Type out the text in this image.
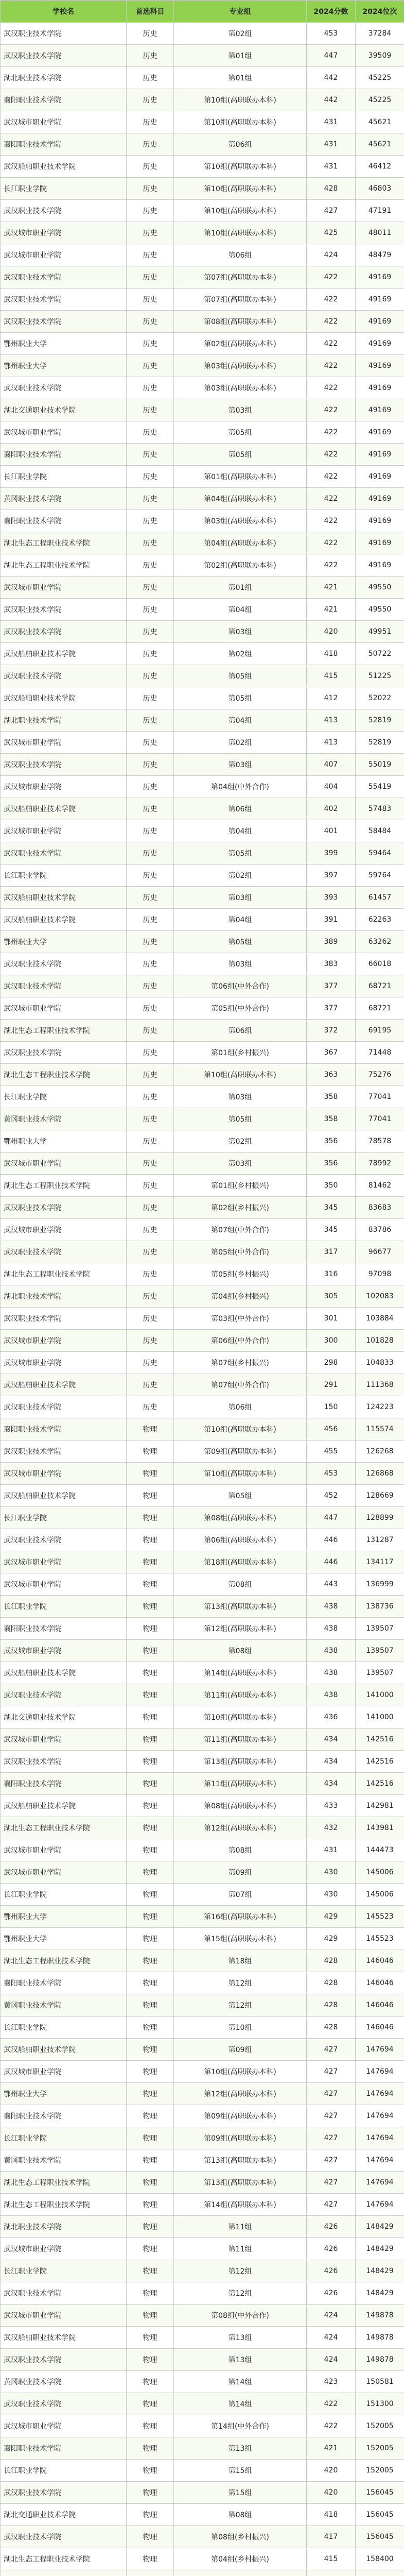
学校名	首选科目	专业组	2024分数	2024位次
武汉职业技术学院	历史	第02组	453	37284
武汉职业技术学院	历史	第01组	447	39509
湖北职业技术学院	历史	第01组	442	45225
襄阳职业技术学院	历史	第10组(高职联办本科)	442	45225
武汉城市职业学院	历史	第10组(高职联办本科)	431	45621
襄阳职业技术学院	历史	第06组	431	45621
武汉船舶职业技术学院	历史	第10组(高职联办本科)	431	46412
长江职业学院	历史	第10组(高职联办本科)	428	46803
武汉职业技术学院	历史	第10组(高职联办本科)	427	47191
武汉城市职业学院	历史	第10组(高职联办本科)	425	48011
武汉城市职业学院	历史	第06组	424	48479
武汉职业技术学院	历史	第07组(高职联办本科)	422	49169
武汉职业技术学院	历史	第07组(高职联办本科)	422	49169
武汉职业技术学院	历史	第08组(高职联办本科)	422	49169
鄂州职业大学	历史	第02组(高职联办本科)	422	49169
鄂州职业大学	历史	第03组(高职联办本科)	422	49169
武汉职业技术学院	历史	第03组(高职联办本科)	422	49169
湖北交通职业技术学院	历史	第03组	422	49169
武汉城市职业学院	历史	第05组	422	49169
襄阳职业技术学院	历史	第05组	422	49169
长江职业学院	历史	第01组(高职联办本科)	422	49169
黄冈职业技术学院	历史	第04组(高职联办本科)	422	49169
襄阳职业技术学院	历史	第03组(高职联办本科)	422	49169
湖北生态工程职业技术学院	历史	第04组(高职联办本科)	422	49169
湖北生态工程职业技术学院	历史	第02组(高职联办本科)	422	49169
武汉城市职业学院	历史	第01组	421	49550
武汉职业技术学院	历史	第04组	421	49550
武汉职业技术学院	历史	第03组	420	49951
武汉船舶职业技术学院	历史	第02组	418	50722
武汉职业技术学院	历史	第05组	415	51225
武汉船舶职业技术学院	历史	第05组	412	52022
湖北职业技术学院	历史	第04组	413	52819
武汉城市职业学院	历史	第02组	413	52819
武汉职业技术学院	历史	第03组	407	55019
武汉城市职业学院	历史	第04组(中外合作)	404	55419
武汉船舶职业技术学院	历史	第06组	402	57483
武汉城市职业学院	历史	第04组	401	58484
武汉职业技术学院	历史	第05组	399	59464
长江职业学院	历史	第02组	397	59764
武汉船舶职业技术学院	历史	第03组	393	61457
武汉船舶职业技术学院	历史	第04组	391	62263
鄂州职业大学	历史	第05组	389	63262
武汉职业技术学院	历史	第03组	383	66018
武汉职业技术学院	历史	第06组(中外合作)	377	68721
武汉城市职业学院	历史	第05组(中外合作)	377	68721
湖北生态工程职业技术学院	历史	第06组	372	69195
武汉职业技术学院	历史	第01组(乡村振兴)	367	71448
湖北生态工程职业技术学院	历史	第10组(高职联办本科)	363	75276
长江职业学院	历史	第03组	358	77041
黄冈职业技术学院	历史	第05组	358	77041
鄂州职业大学	历史	第02组	356	78578
武汉城市职业学院	历史	第03组	356	78992
湖北生态工程职业技术学院	历史	第01组(乡村振兴)	350	81462
武汉职业技术学院	历史	第02组(乡村振兴)	345	83683
武汉城市职业学院	历史	第07组(中外合作)	345	83786
武汉职业技术学院	历史	第05组(中外合作)	317	96677
湖北生态工程职业技术学院	历史	第05组(乡村振兴)	316	97098
湖北职业技术学院	历史	第04组(乡村振兴)	305	102083
武汉职业技术学院	历史	第03组(中外合作)	301	103884
武汉城市职业学院	历史	第06组(中外合作)	300	101828
武汉城市职业学院	历史	第07组(乡村振兴)	298	104833
武汉船舶职业技术学院	历史	第07组(中外合作)	291	111368
武汉职业技术学院	历史	第06组	150	124223
襄阳职业技术学院	物理	第10组(高职联办本科)	456	115574
武汉职业技术学院	物理	第09组(高职联办本科)	455	126268
武汉城市职业学院	物理	第10组(高职联办本科)	453	126868
武汉船舶职业技术学院	物理	第05组	452	128669
长江职业学院	物理	第08组(高职联办本科)	447	128899
武汉职业技术学院	物理	第06组(高职联办本科)	446	131287
武汉城市职业学院	物理	第18组(高职联办本科)	446	134117
武汉城市职业学院	物理	第08组	443	136999
长江职业学院	物理	第13组(高职联办本科)	438	138736
襄阳职业技术学院	物理	第12组(高职联办本科)	438	139507
武汉城市职业学院	物理	第08组	438	139507
武汉船舶职业技术学院	物理	第14组(高职联办本科)	438	139507
武汉职业技术学院	物理	第11组(高职联办本科)	438	141000
湖北交通职业技术学院	物理	第10组(高职联办本科)	436	141000
武汉城市职业学院	物理	第11组(高职联办本科)	434	142516
武汉职业技术学院	物理	第13组(高职联办本科)	434	142516
襄阳职业技术学院	物理	第11组(高职联办本科)	434	142516
武汉船舶职业技术学院	物理	第08组(高职联办本科)	433	142981
湖北生态工程职业技术学院	物理	第12组(高职联办本科)	432	143981
武汉城市职业学院	物理	第08组	431	144473
武汉城市职业学院	物理	第09组	430	145006
长江职业学院	物理	第07组	430	145006
鄂州职业大学	物理	第16组(高职联办本科)	429	145523
鄂州职业大学	物理	第15组(高职联办本科)	429	145523
湖北生态工程职业技术学院	物理	第18组	428	146046
襄阳职业技术学院	物理	第12组	428	146046
黄冈职业技术学院	物理	第12组	428	146046
长江职业学院	物理	第10组	428	146046
武汉船舶职业技术学院	物理	第09组	427	147694
武汉城市职业学院	物理	第10组(高职联办本科)	427	147694
鄂州职业大学	物理	第12组(高职联办本科)	427	147694
襄阳职业技术学院	物理	第09组(高职联办本科)	427	147694
长江职业学院	物理	第09组(高职联办本科)	427	147694
黄冈职业技术学院	物理	第13组(高职联办本科)	427	147694
湖北生态工程职业技术学院	物理	第13组(高职联办本科)	427	147694
湖北生态工程职业技术学院	物理	第14组(高职联办本科)	427	147694
湖北职业技术学院	物理	第11组	426	148429
武汉城市职业学院	物理	第11组	426	148429
长江职业学院	物理	第12组	426	148429
武汉职业技术学院	物理	第12组	426	148429
武汉城市职业学院	物理	第08组(中外合作)	424	149878
武汉船舶职业技术学院	物理	第13组	424	149878
武汉职业技术学院	物理	第13组	424	149878
黄冈职业技术学院	物理	第14组	423	150581
武汉职业技术学院	物理	第14组	422	151300
武汉城市职业学院	物理	第14组(中外合作)	422	152005
襄阳职业技术学院	物理	第13组	421	152005
长江职业学院	物理	第15组	420	152005
武汉职业技术学院	物理	第15组	420	156045
湖北交通职业技术学院	物理	第08组	418	156045
武汉职业技术学院	物理	第08组(乡村振兴)	417	156045
湖北生态工程职业技术学院	物理	第04组(乡村振兴)	415	158400
